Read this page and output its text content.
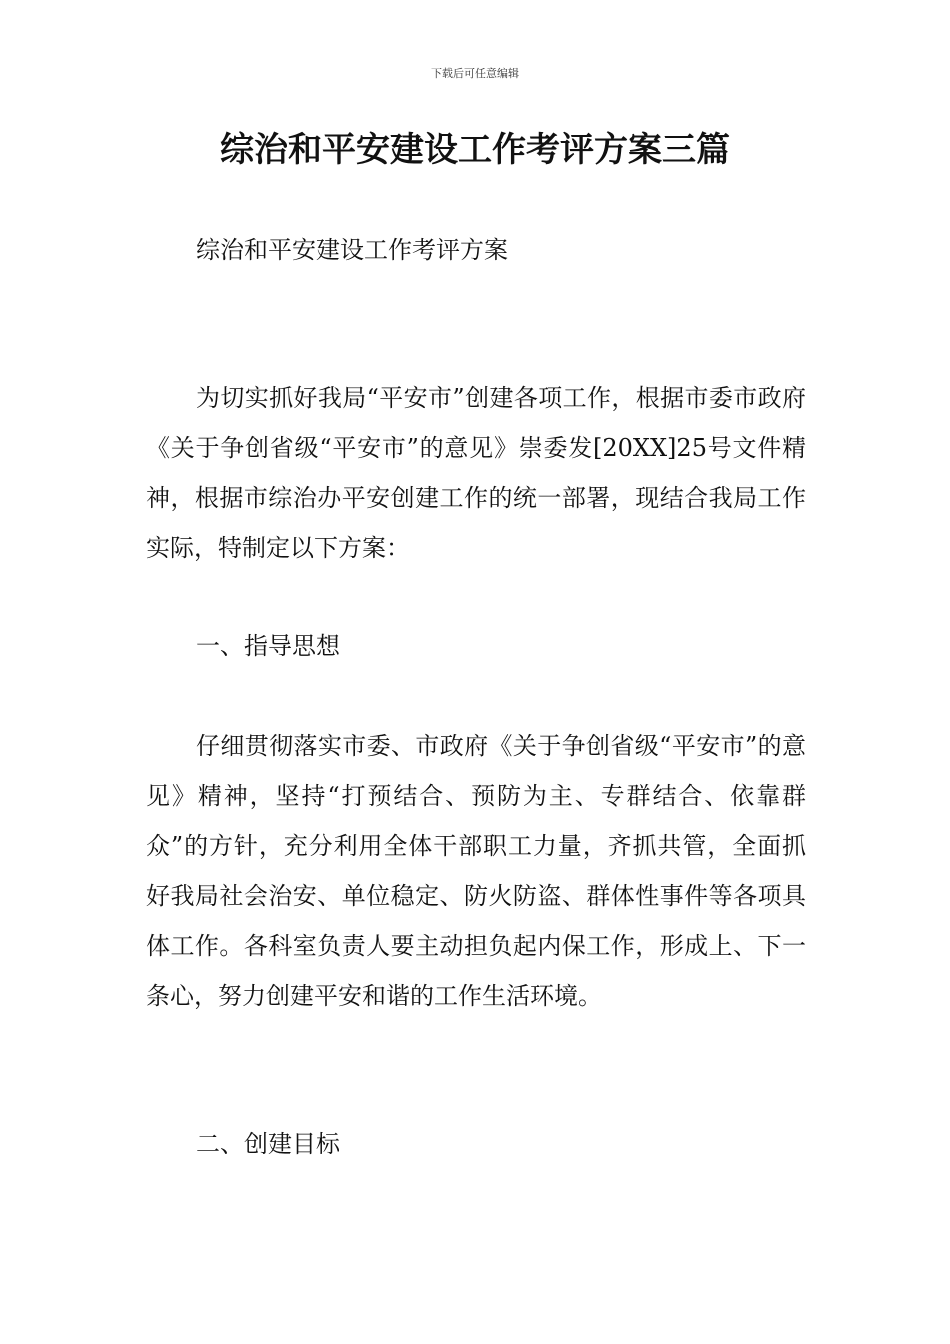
下载后可任意编辑
综治和平安建设工作考评方案三篇

综治和平安建设工作考评方案

为切实抓好我局“平安市”创建各项工作，根据市委市政府《关于争创省级“平安市”的意见》崇委发[20XX]25号文件精神，根据市综治办平安创建工作的统一部署，现结合我局工作实际，特制定以下方案：

一、指导思想

仔细贯彻落实市委、市政府《关于争创省级“平安市”的意见》精神，坚持“打预结合、预防为主、专群结合、依靠群众”的方针，充分利用全体干部职工力量，齐抓共管，全面抓好我局社会治安、单位稳定、防火防盗、群体性事件等各项具体工作。各科室负责人要主动担负起内保工作，形成上、下一条心，努力创建平安和谐的工作生活环境。

二、创建目标
